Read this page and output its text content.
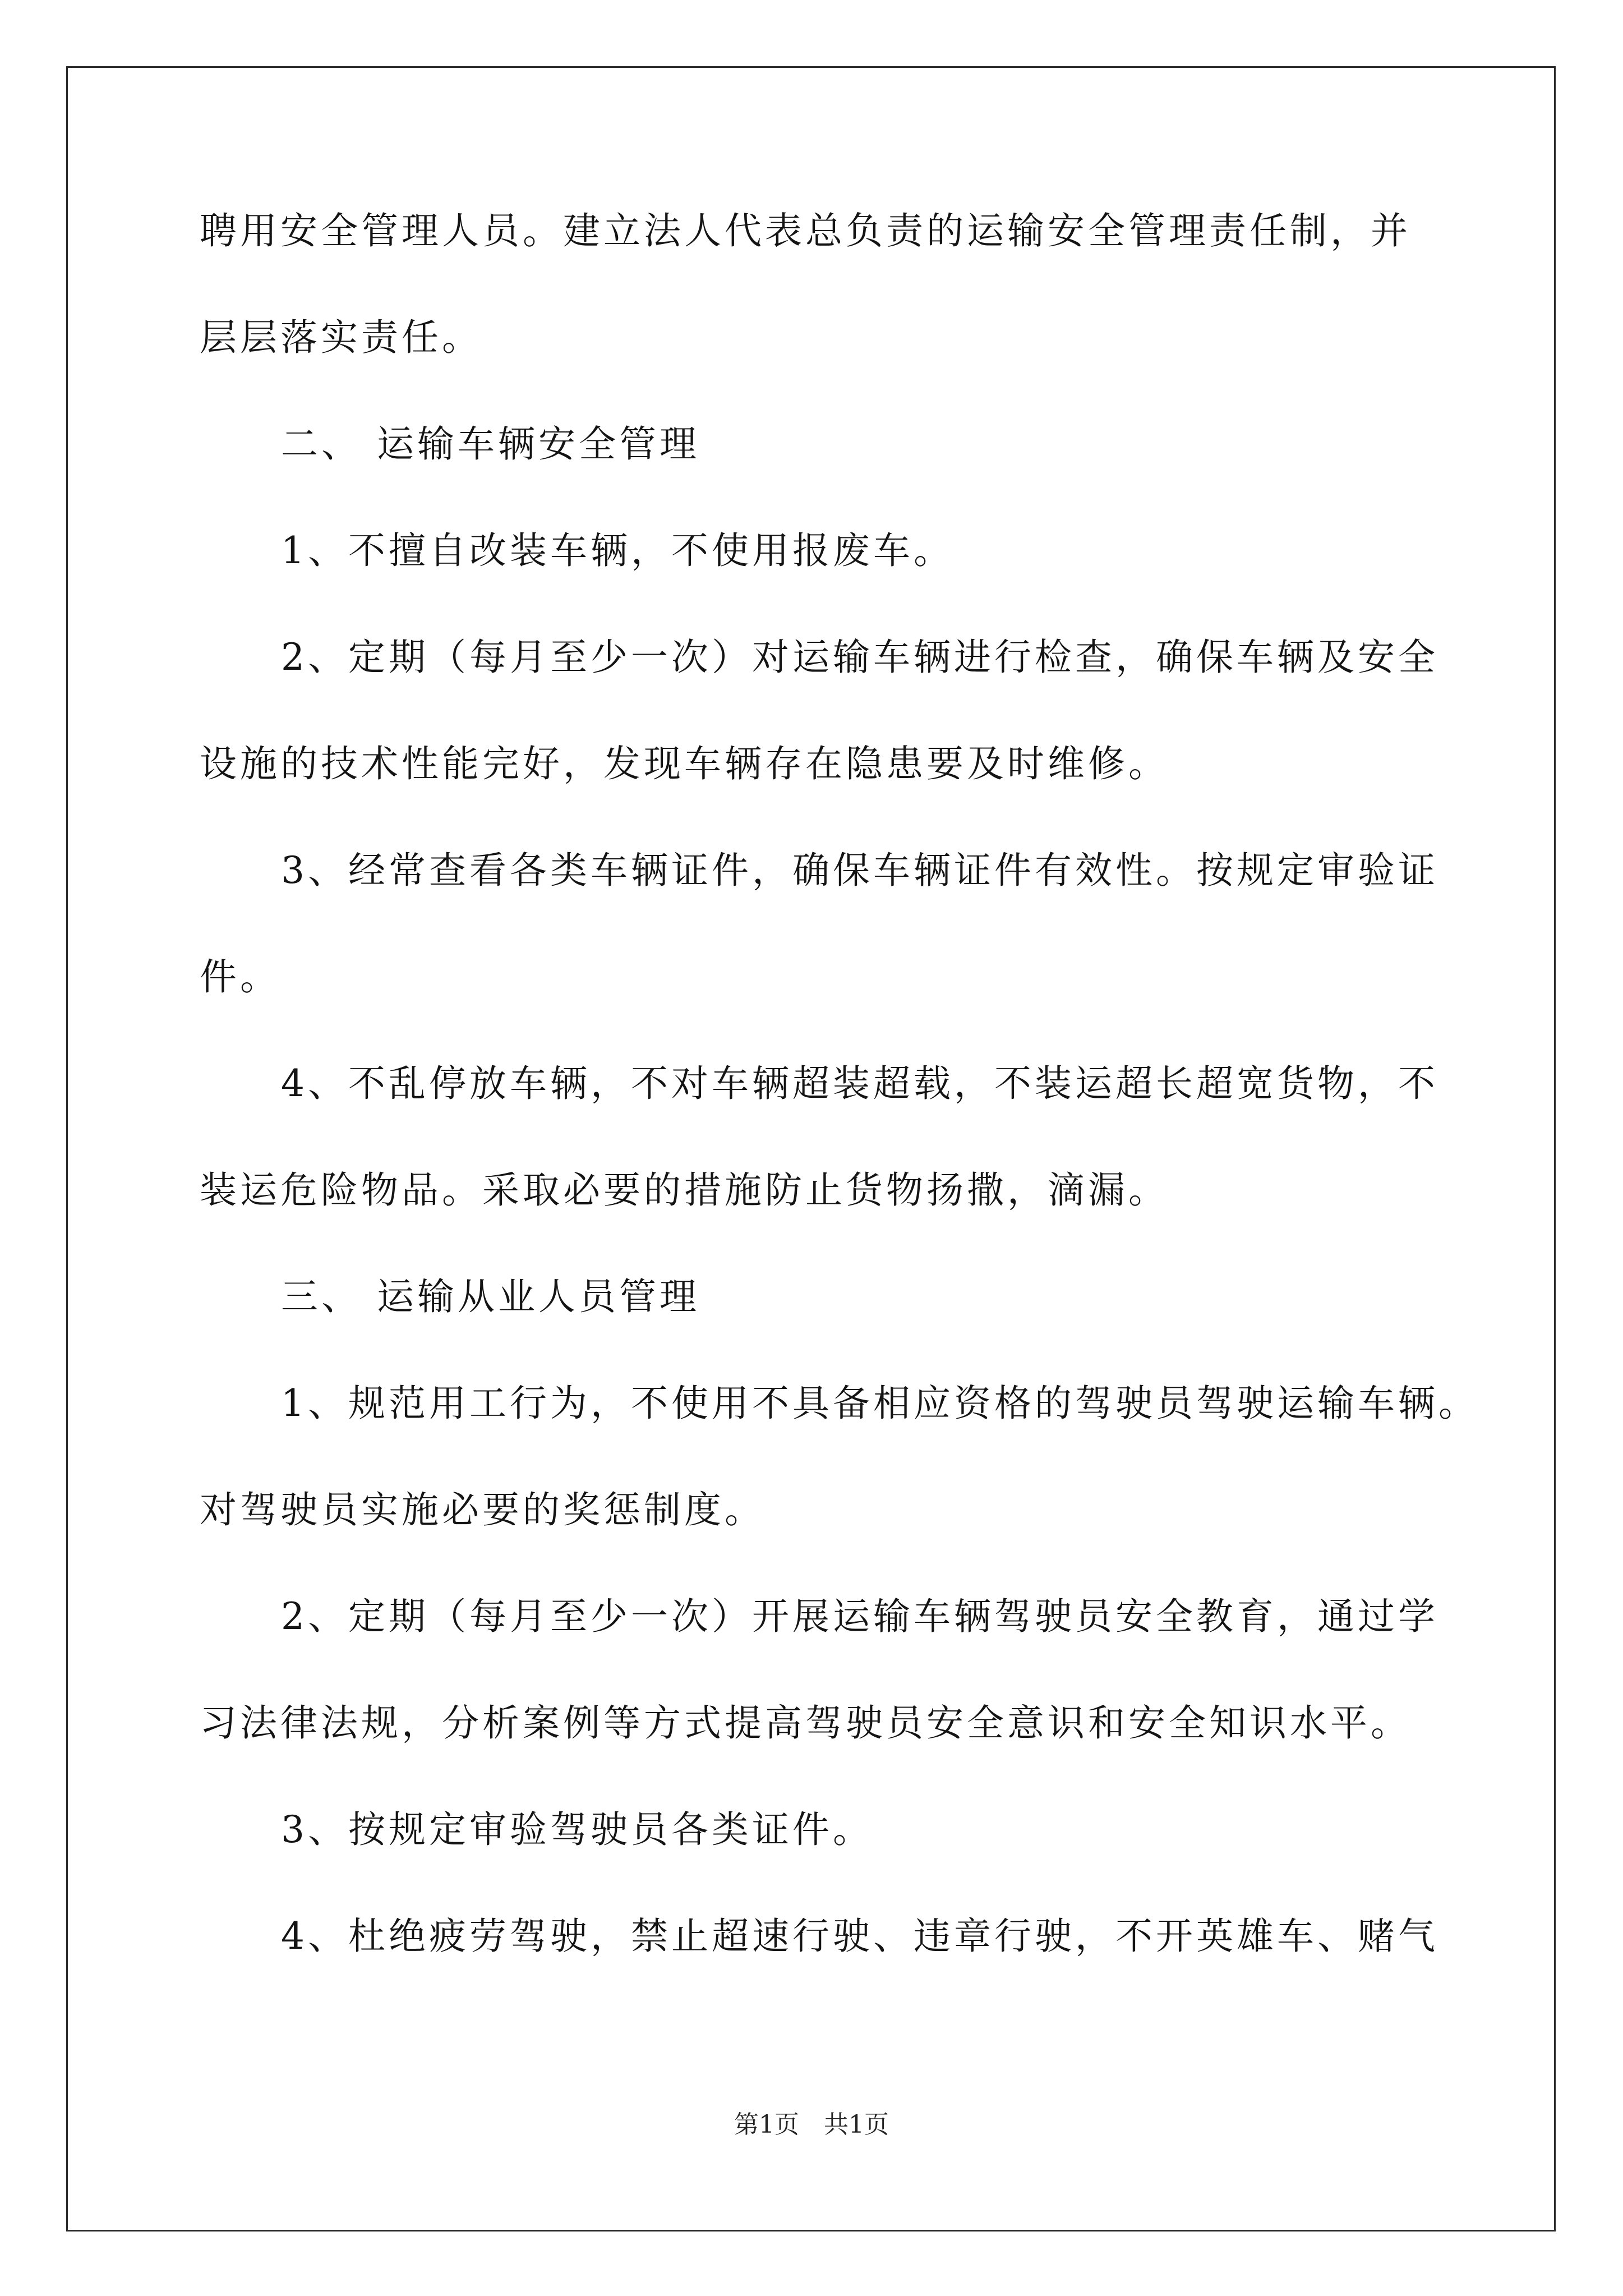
聘用安全管理人员。建立法人代表总负责的运输安全管理责任制，并
层层落实责任。
二、 运输车辆安全管理
1、不擅自改装车辆，不使用报废车。
2、定期（每月至少一次）对运输车辆进行检查，确保车辆及安全
设施的技术性能完好，发现车辆存在隐患要及时维修。
3、经常查看各类车辆证件，确保车辆证件有效性。按规定审验证
件。
4、不乱停放车辆，不对车辆超装超载，不装运超长超宽货物，不
装运危险物品。采取必要的措施防止货物扬撒，滴漏。
三、 运输从业人员管理
1、规范用工行为，不使用不具备相应资格的驾驶员驾驶运输车辆。
对驾驶员实施必要的奖惩制度。
2、定期（每月至少一次）开展运输车辆驾驶员安全教育，通过学
习法律法规，分析案例等方式提高驾驶员安全意识和安全知识水平。
3、按规定审验驾驶员各类证件。
4、杜绝疲劳驾驶，禁止超速行驶、违章行驶，不开英雄车、赌气
第1页　共1页
